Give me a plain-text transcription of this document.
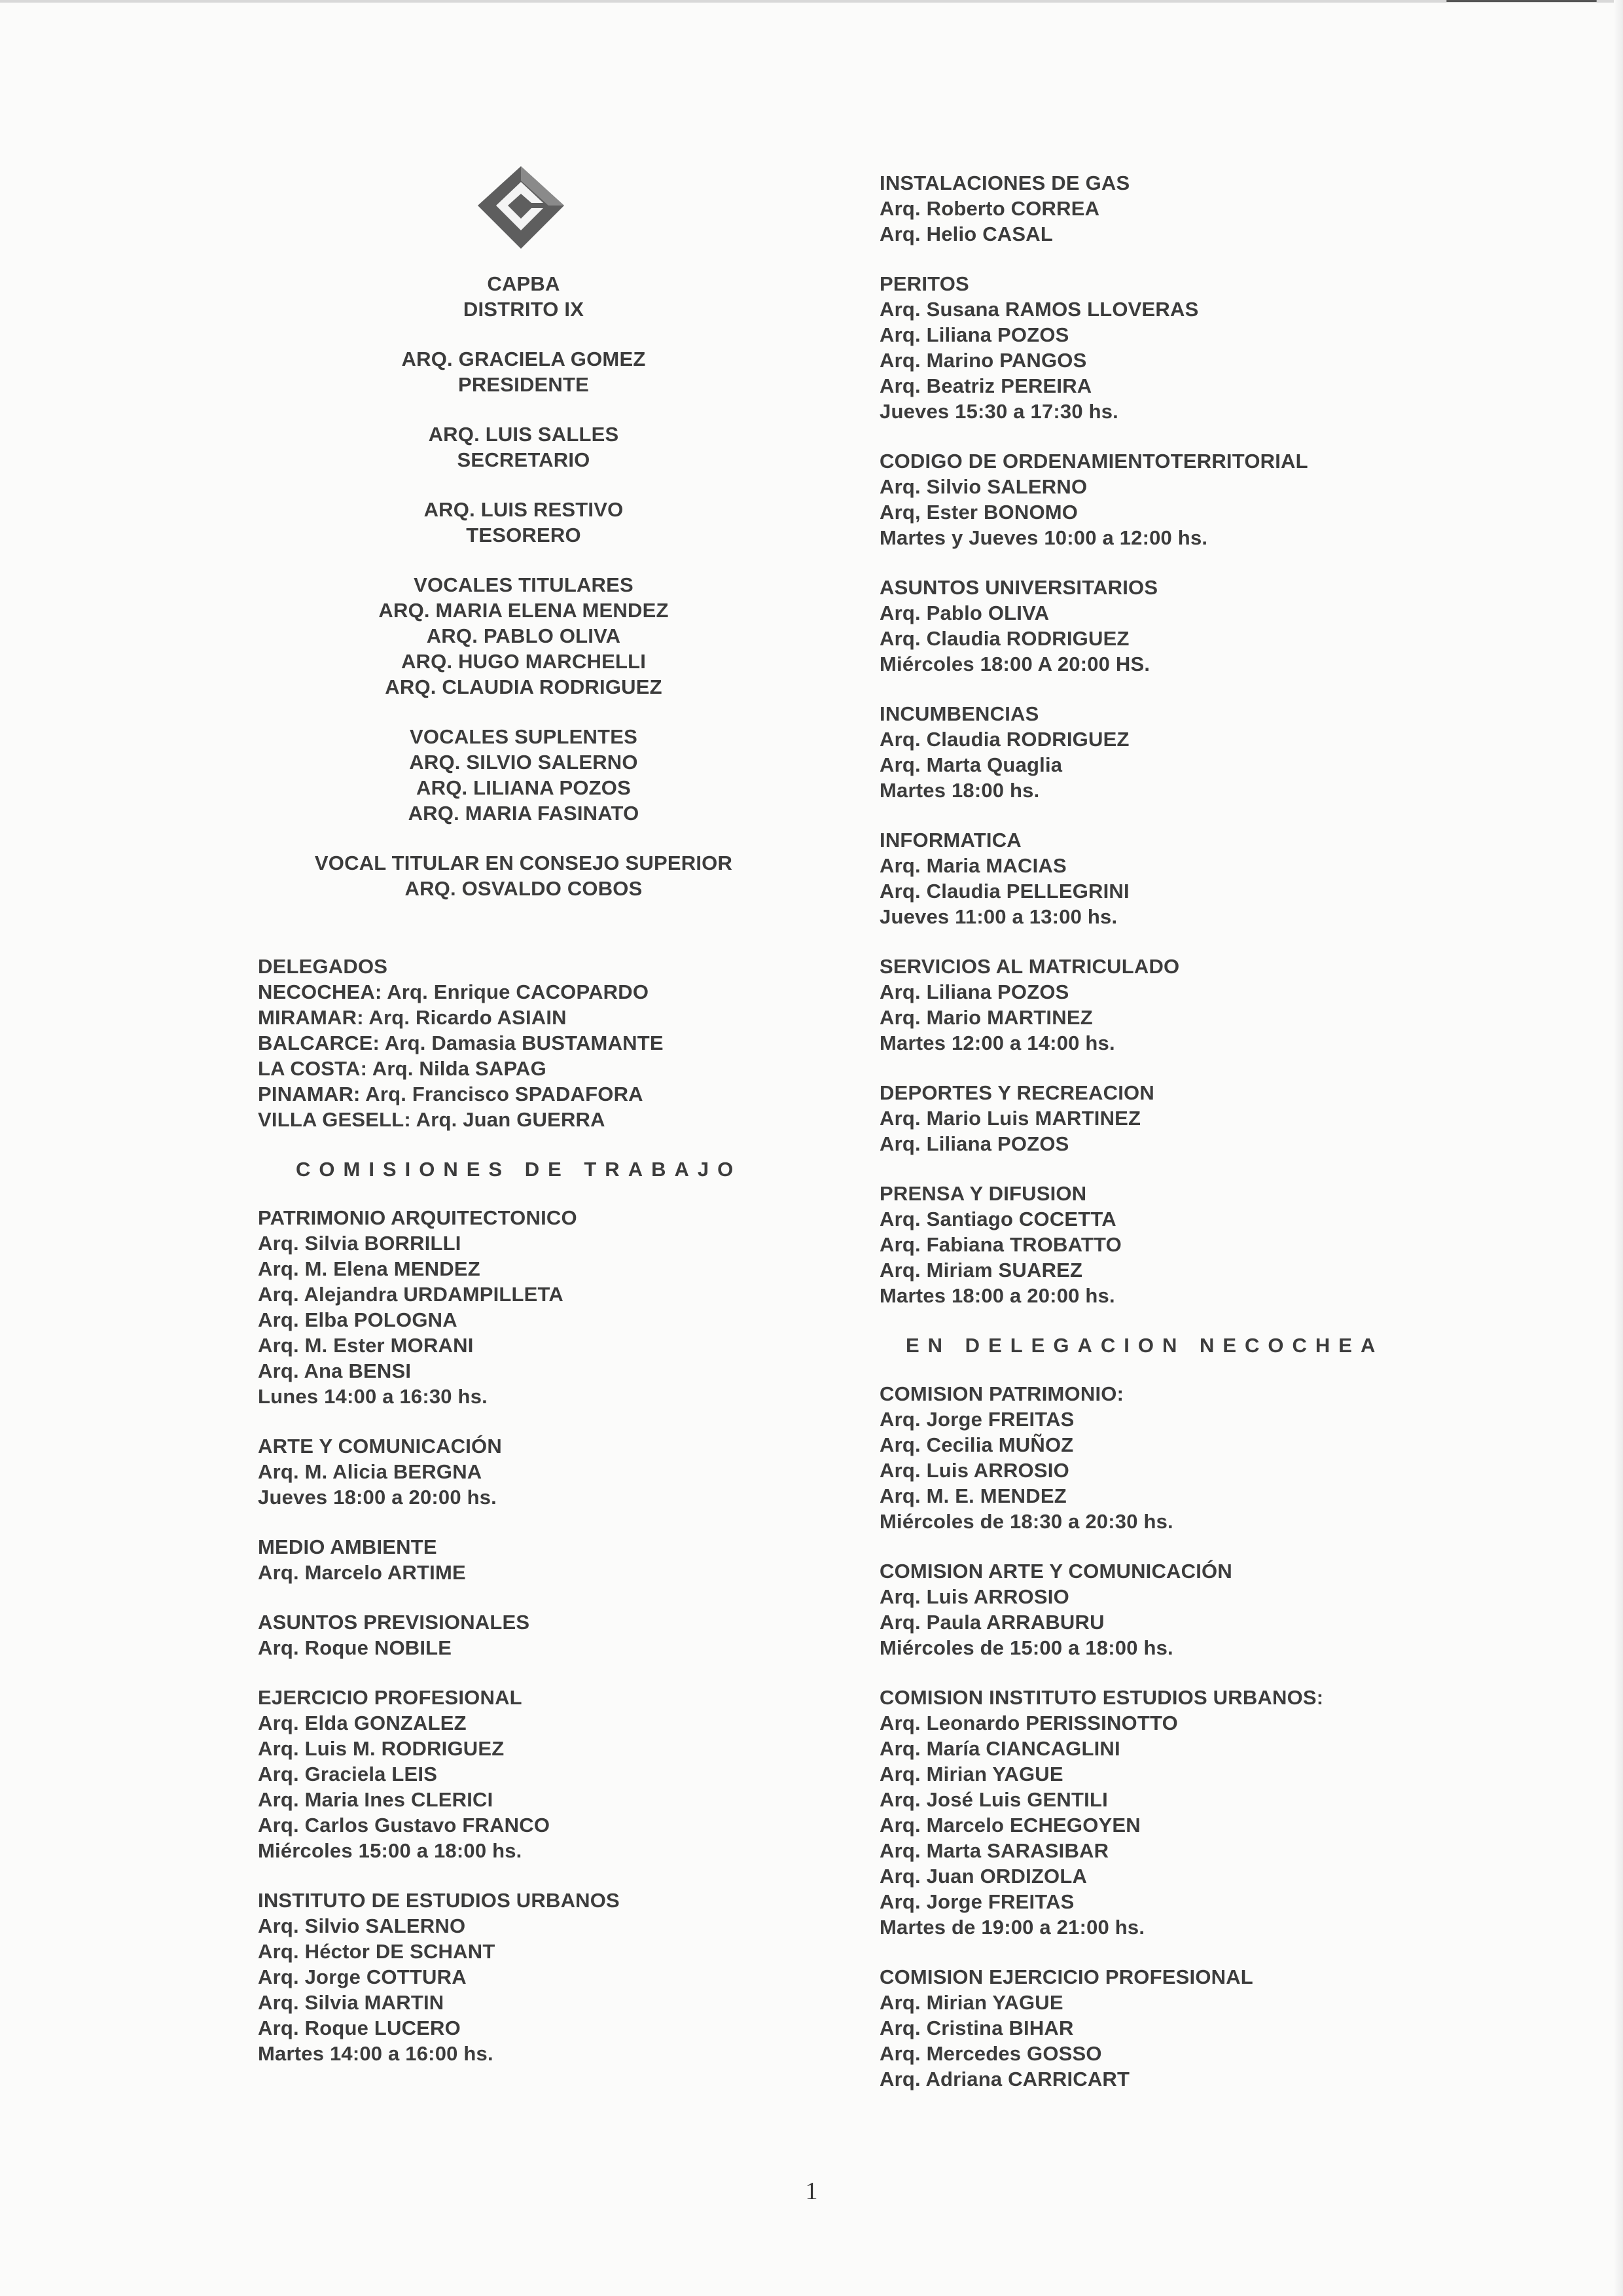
CAPBA
DISTRITO IX
ARQ. GRACIELA GOMEZ
PRESIDENTE
ARQ. LUIS SALLES
SECRETARIO
ARQ. LUIS RESTIVO
TESORERO
VOCALES TITULARES
ARQ. MARIA ELENA MENDEZ
ARQ. PABLO OLIVA
ARQ. HUGO MARCHELLI
ARQ. CLAUDIA RODRIGUEZ
VOCALES SUPLENTES
ARQ. SILVIO SALERNO
ARQ. LILIANA POZOS
ARQ. MARIA FASINATO
VOCAL TITULAR EN CONSEJO SUPERIOR
ARQ. OSVALDO COBOS
DELEGADOS
NECOCHEA: Arq. Enrique CACOPARDO
MIRAMAR: Arq. Ricardo ASIAIN
BALCARCE: Arq. Damasia BUSTAMANTE
LA COSTA: Arq. Nilda SAPAG
PINAMAR: Arq. Francisco SPADAFORA
VILLA GESELL: Arq. Juan GUERRA
COMISIONES DE TRABAJO
PATRIMONIO ARQUITECTONICO
Arq. Silvia BORRILLI
Arq. M. Elena MENDEZ
Arq. Alejandra URDAMPILLETA
Arq. Elba POLOGNA
Arq. M. Ester MORANI
Arq. Ana BENSI
Lunes 14:00 a 16:30 hs.
ARTE Y COMUNICACIÓN
Arq. M. Alicia BERGNA
Jueves 18:00 a 20:00 hs.
MEDIO AMBIENTE
Arq. Marcelo ARTIME
ASUNTOS PREVISIONALES
Arq. Roque NOBILE
EJERCICIO PROFESIONAL
Arq. Elda GONZALEZ
Arq. Luis M. RODRIGUEZ
Arq. Graciela LEIS
Arq. Maria Ines CLERICI
Arq. Carlos Gustavo FRANCO
Miércoles 15:00 a 18:00 hs.
INSTITUTO DE ESTUDIOS URBANOS
Arq. Silvio SALERNO
Arq. Héctor DE SCHANT
Arq. Jorge COTTURA
Arq. Silvia MARTIN
Arq. Roque LUCERO
Martes 14:00 a 16:00 hs.
INSTALACIONES DE GAS
Arq. Roberto CORREA
Arq. Helio CASAL
PERITOS
Arq. Susana RAMOS LLOVERAS
Arq. Liliana POZOS
Arq. Marino PANGOS
Arq. Beatriz PEREIRA
Jueves 15:30 a 17:30 hs.
CODIGO DE ORDENAMIENTOTERRITORIAL
Arq. Silvio SALERNO
Arq, Ester BONOMO
Martes y Jueves 10:00 a 12:00 hs.
ASUNTOS UNIVERSITARIOS
Arq. Pablo OLIVA
Arq. Claudia RODRIGUEZ
Miércoles 18:00 A 20:00 HS.
INCUMBENCIAS
Arq. Claudia RODRIGUEZ
Arq. Marta Quaglia
Martes 18:00 hs.
INFORMATICA
Arq. Maria MACIAS
Arq. Claudia PELLEGRINI
Jueves 11:00 a 13:00 hs.
SERVICIOS AL MATRICULADO
Arq. Liliana POZOS
Arq. Mario MARTINEZ
Martes 12:00 a 14:00 hs.
DEPORTES Y RECREACION
Arq. Mario Luis MARTINEZ
Arq. Liliana POZOS
PRENSA Y DIFUSION
Arq. Santiago COCETTA
Arq. Fabiana TROBATTO
Arq. Miriam SUAREZ
Martes 18:00 a 20:00 hs.
EN DELEGACION NECOCHEA
COMISION PATRIMONIO:
Arq. Jorge FREITAS
Arq. Cecilia MUÑOZ
Arq. Luis ARROSIO
Arq. M. E. MENDEZ
Miércoles de 18:30 a 20:30 hs.
COMISION ARTE Y COMUNICACIÓN
Arq. Luis ARROSIO
Arq. Paula ARRABURU
Miércoles de 15:00 a 18:00 hs.
COMISION INSTITUTO ESTUDIOS URBANOS:
Arq. Leonardo PERISSINOTTO
Arq. María CIANCAGLINI
Arq. Mirian YAGUE
Arq. José Luis GENTILI
Arq. Marcelo ECHEGOYEN
Arq. Marta SARASIBAR
Arq. Juan ORDIZOLA
Arq. Jorge FREITAS
Martes de 19:00 a 21:00 hs.
COMISION EJERCICIO PROFESIONAL
Arq. Mirian YAGUE
Arq. Cristina BIHAR
Arq. Mercedes GOSSO
Arq. Adriana CARRICART
1
